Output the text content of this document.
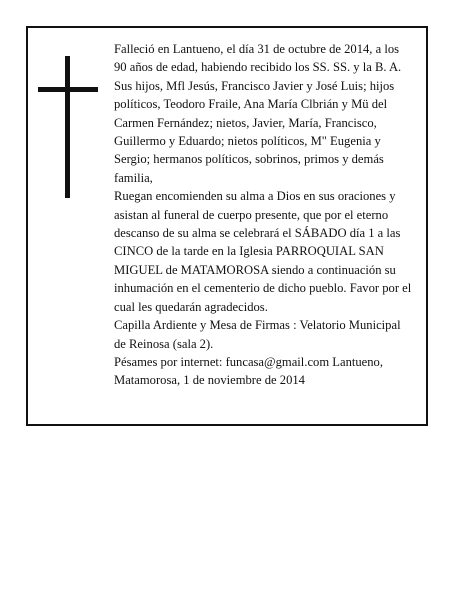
Falleció en Lantueno, el día 31 de octubre de 2014, a los 90 años de edad, habiendo recibido los SS. SS. y la B. A.

Sus hijos, Mfl Jesús, Francisco Javier y José Luis; hijos políticos, Teodoro Fraile, Ana María Clbrián y Mü del Carmen Fernández; nietos, Javier, María, Francisco, Guillermo y Eduardo; nietos políticos, M" Eugenia y Sergio; hermanos políticos, sobrinos, primos y demás familia,

Ruegan encomienden su alma a Dios en sus oraciones y asistan al funeral de cuerpo presente, que por el eterno descanso de su alma se celebrará el SÁBADO día 1 a las CINCO de la tarde en la Iglesia PARROQUIAL SAN MIGUEL de MATAMOROSA siendo a continuación su inhumación en el cementerio de dicho pueblo. Favor por el cual les quedarán agradecidos.

Capilla Ardiente y Mesa de Firmas : Velatorio Municipal de Reinosa (sala 2).

Pésames por internet: funcasa@gmail.com Lantueno, Matamorosa, 1 de noviembre de 2014
